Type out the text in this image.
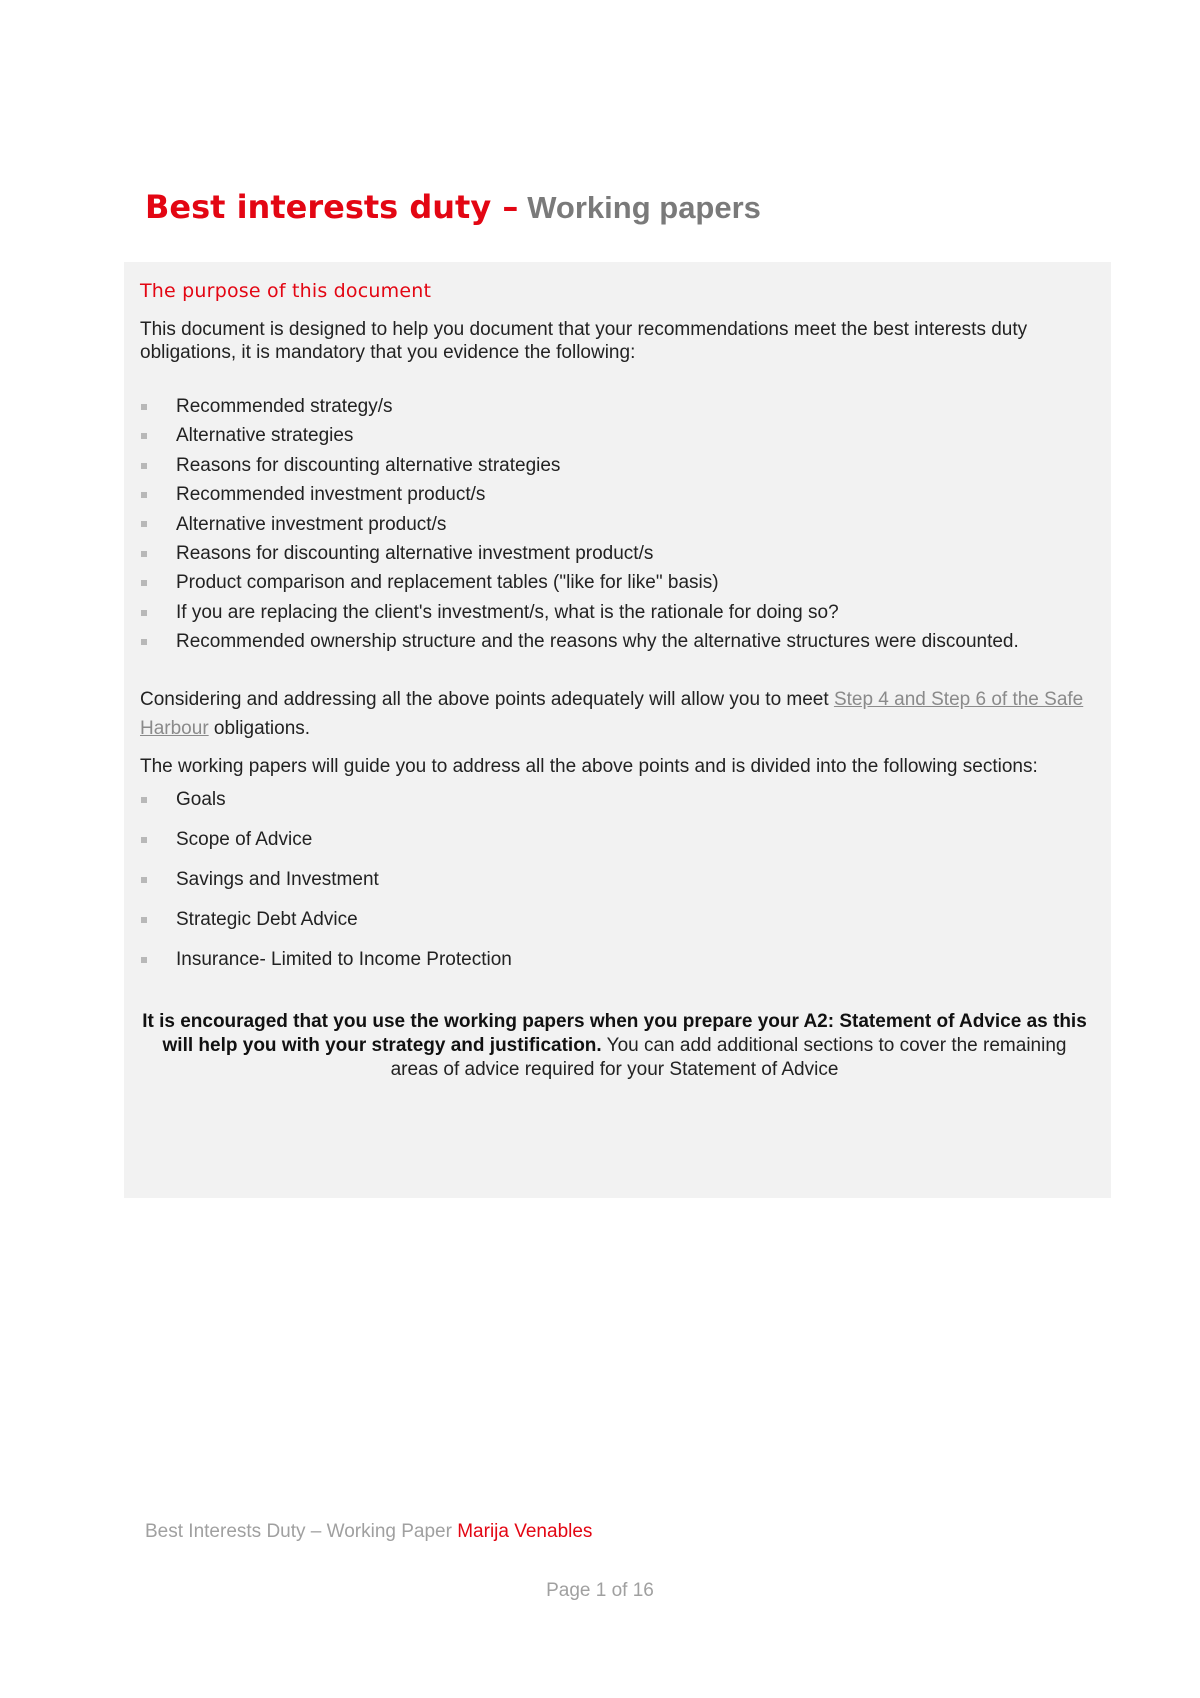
Best interests duty – Working papers
The purpose of this document

This document is designed to help you document that your recommendations meet the best interests duty obligations, it is mandatory that you evidence the following:

Recommended strategy/s
Alternative strategies
Reasons for discounting alternative strategies
Recommended investment product/s
Alternative investment product/s
Reasons for discounting alternative investment product/s
Product comparison and replacement tables ("like for like" basis)
If you are replacing the client's investment/s, what is the rationale for doing so?
Recommended ownership structure and the reasons why the alternative structures were discounted.

Considering and addressing all the above points adequately will allow you to meet Step 4 and Step 6 of the Safe Harbour obligations.

The working papers will guide you to address all the above points and is divided into the following sections:

Goals
Scope of Advice
Savings and Investment
Strategic Debt Advice
Insurance- Limited to Income Protection

It is encouraged that you use the working papers when you prepare your A2: Statement of Advice as this will help you with your strategy and justification. You can add additional sections to cover the remaining areas of advice required for your Statement of Advice

Best Interests Duty – Working Paper Marija Venables
Page 1 of 16
